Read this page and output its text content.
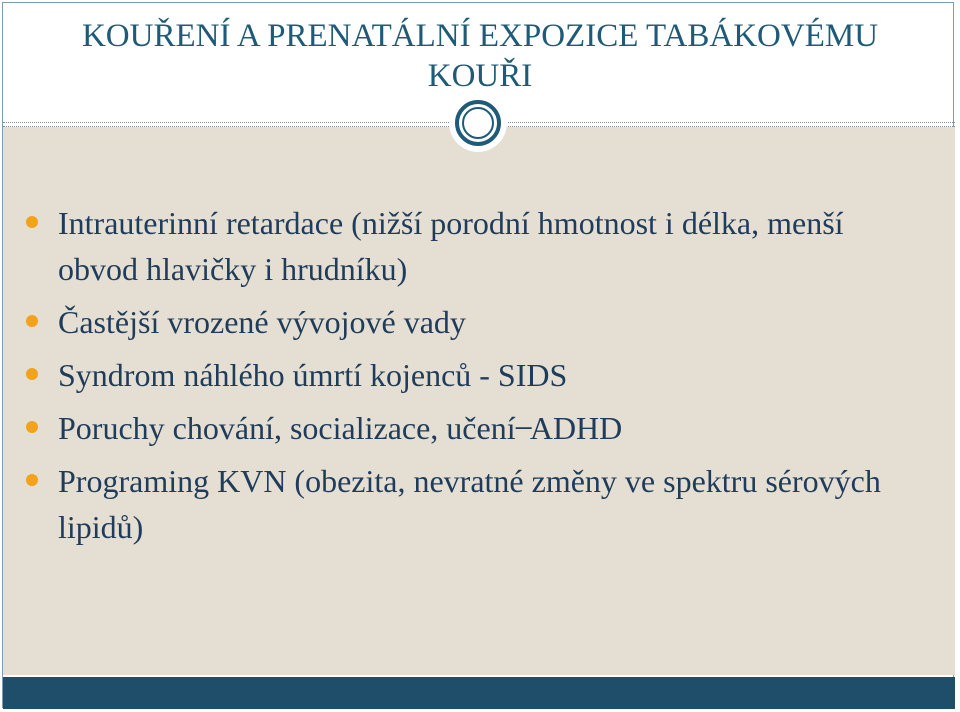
KOUŘENÍ A PRENATÁLNÍ EXPOZICE TABÁKOVÉMU
KOUŘI
Intrauterinní retardace (nižší porodní hmotnost i délka, menší obvod hlavičky i hrudníku)
Častější vrozené vývojové vady
Syndrom náhlého úmrtí kojenců - SIDS
Poruchy chování, socializace, učení ̶ ADHD
Programing KVN (obezita, nevratné změny ve spektru sérových lipidů)
